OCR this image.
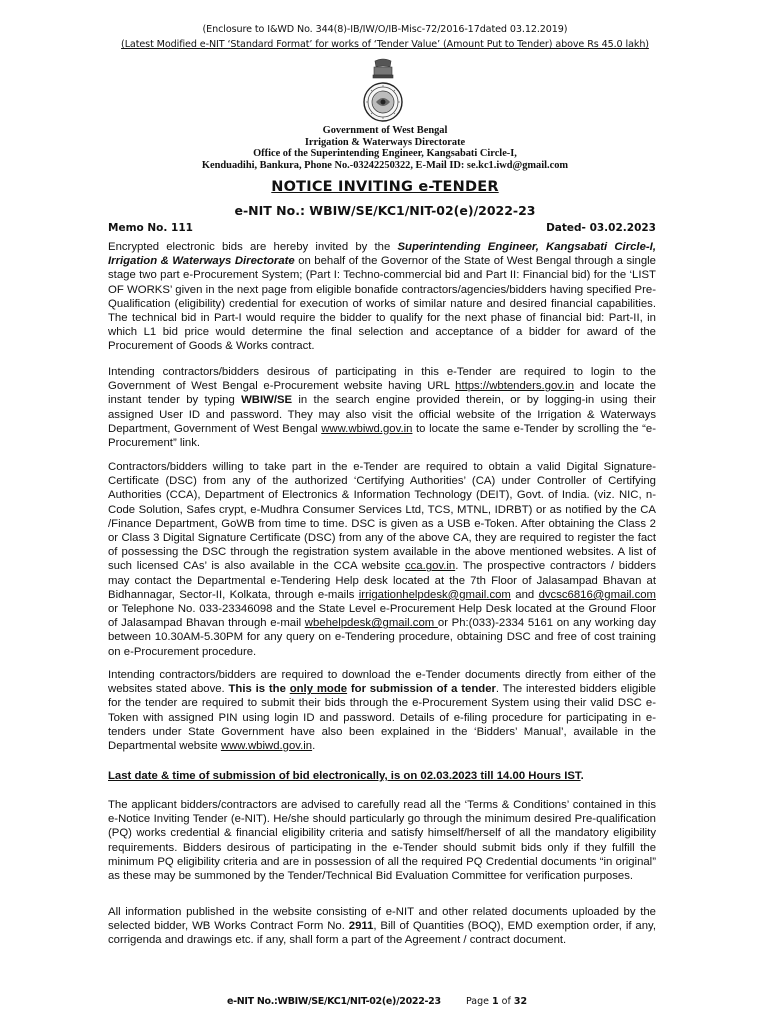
(Enclosure to I&WD No. 344(8)-IB/IW/O/IB-Misc-72/2016-17dated 03.12.2019)
(Latest Modified e-NIT ‘Standard Format’ for works of ‘Tender Value’ (Amount Put to Tender) above Rs 45.0 lakh)
Government of West Bengal
Irrigation & Waterways Directorate
Office of the Superintending Engineer, Kangsabati Circle-I,
Kenduadihi, Bankura, Phone No.-03242250322, E-Mail ID: se.kc1.iwd@gmail.com
NOTICE INVITING e-TENDER
e-NIT No.: WBIW/SE/KC1/NIT-02(e)/2022-23
Memo No. 111	Dated- 03.02.2023
Encrypted electronic bids are hereby invited by the Superintending Engineer, Kangsabati Circle-I, Irrigation & Waterways Directorate on behalf of the Governor of the State of West Bengal through a single stage two part e-Procurement System; (Part I: Techno-commercial bid and Part II: Financial bid) for the ‘LIST OF WORKS’ given in the next page from eligible bonafide contractors/agencies/bidders having specified Pre-Qualification (eligibility) credential for execution of works of similar nature and desired financial capabilities. The technical bid in Part-I would require the bidder to qualify for the next phase of financial bid: Part-II, in which L1 bid price would determine the final selection and acceptance of a bidder for award of the Procurement of Goods & Works contract.
Intending contractors/bidders desirous of participating in this e-Tender are required to login to the Government of West Bengal e-Procurement website having URL https://wbtenders.gov.in and locate the instant tender by typing WBIW/SE in the search engine provided therein, or by logging-in using their assigned User ID and password. They may also visit the official website of the Irrigation & Waterways Department, Government of West Bengal www.wbiwd.gov.in to locate the same e-Tender by scrolling the “e-Procurement” link.
Contractors/bidders willing to take part in the e-Tender are required to obtain a valid Digital Signature-Certificate (DSC) from any of the authorized ‘Certifying Authorities’ (CA) under Controller of Certifying Authorities (CCA), Department of Electronics & Information Technology (DEIT), Govt. of India. (viz. NIC, n-Code Solution, Safes crypt, e-Mudhra Consumer Services Ltd, TCS, MTNL, IDRBT) or as notified by the CA /Finance Department, GoWB from time to time. DSC is given as a USB e-Token. After obtaining the Class 2 or Class 3 Digital Signature Certificate (DSC) from any of the above CA, they are required to register the fact of possessing the DSC through the registration system available in the above mentioned websites. A list of such licensed CAs’ is also available in the CCA website cca.gov.in. The prospective contractors / bidders may contact the Departmental e-Tendering Help desk located at the 7th Floor of Jalasampad Bhavan at Bidhannagar, Sector-II, Kolkata, through e-mails irrigationhelpdesk@gmail.com and dvcsc6816@gmail.com or Telephone No. 033-23346098 and the State Level e-Procurement Help Desk located at the Ground Floor of Jalasampad Bhavan through e-mail wbehelpdesk@gmail.com or Ph:(033)-2334 5161 on any working day between 10.30AM-5.30PM for any query on e-Tendering procedure, obtaining DSC and free of cost training on e-Procurement procedure.
Intending contractors/bidders are required to download the e-Tender documents directly from either of the websites stated above. This is the only mode for submission of a tender. The interested bidders eligible for the tender are required to submit their bids through the e-Procurement System using their valid DSC e-Token with assigned PIN using login ID and password. Details of e-filing procedure for participating in e-tenders under State Government have also been explained in the ‘Bidders’ Manual’, available in the Departmental website www.wbiwd.gov.in.
Last date & time of submission of bid electronically, is on 02.03.2023 till 14.00 Hours IST.
The applicant bidders/contractors are advised to carefully read all the ‘Terms & Conditions’ contained in this e-Notice Inviting Tender (e-NIT). He/she should particularly go through the minimum desired Pre-qualification (PQ) works credential & financial eligibility criteria and satisfy himself/herself of all the mandatory eligibility requirements. Bidders desirous of participating in the e-Tender should submit bids only if they fulfill the minimum PQ eligibility criteria and are in possession of all the required PQ Credential documents “in original” as these may be summoned by the Tender/Technical Bid Evaluation Committee for verification purposes.
All information published in the website consisting of e-NIT and other related documents uploaded by the selected bidder, WB Works Contract Form No. 2911, Bill of Quantities (BOQ), EMD exemption order, if any, corrigenda and drawings etc. if any, shall form a part of the Agreement / contract document.
e-NIT No.:WBIW/SE/KC1/NIT-02(e)/2022-23	Page 1 of 32
